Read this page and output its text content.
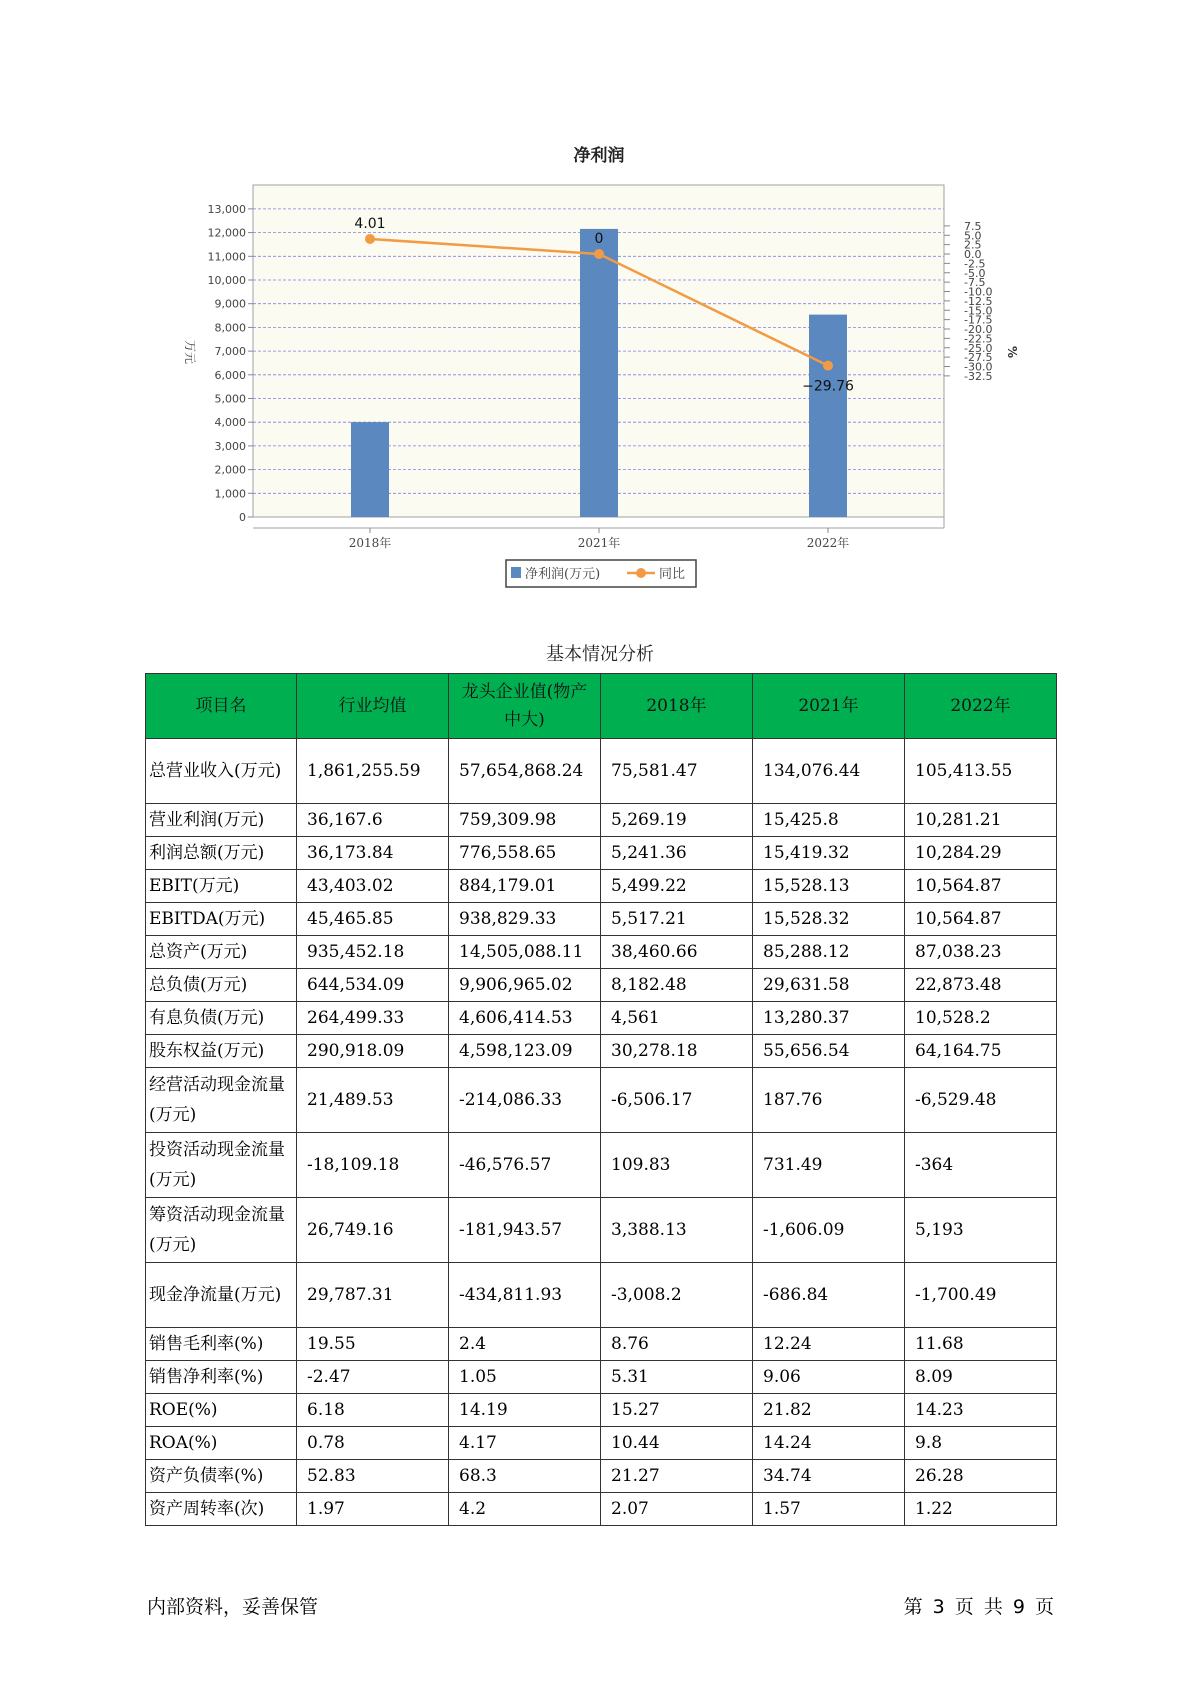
净利润
0
1,000
2,000
3,000
4,000
5,000
6,000
7,000
8,000
9,000
10,000
11,000
12,000
13,000
万元
7.5
5.0
2.5
0.0
-2.5
-5.0
-7.5
-10.0
-12.5
-15.0
-17.5
-20.0
-22.5
-25.0
-27.5
-30.0
-32.5
%
2018年	2021年	2022年
4.01
0
−29.76
净利润(万元)	同比
基本情况分析
项目名	行业均值	龙头企业值(物产中大)	2018年	2021年	2022年
总营业收入(万元)	1,861,255.59	57,654,868.24	75,581.47	134,076.44	105,413.55
营业利润(万元)	36,167.6	759,309.98	5,269.19	15,425.8	10,281.21
利润总额(万元)	36,173.84	776,558.65	5,241.36	15,419.32	10,284.29
EBIT(万元)	43,403.02	884,179.01	5,499.22	15,528.13	10,564.87
EBITDA(万元)	45,465.85	938,829.33	5,517.21	15,528.32	10,564.87
总资产(万元)	935,452.18	14,505,088.11	38,460.66	85,288.12	87,038.23
总负债(万元)	644,534.09	9,906,965.02	8,182.48	29,631.58	22,873.48
有息负债(万元)	264,499.33	4,606,414.53	4,561	13,280.37	10,528.2
股东权益(万元)	290,918.09	4,598,123.09	30,278.18	55,656.54	64,164.75
经营活动现金流量(万元)	21,489.53	-214,086.33	-6,506.17	187.76	-6,529.48
投资活动现金流量(万元)	-18,109.18	-46,576.57	109.83	731.49	-364
筹资活动现金流量(万元)	26,749.16	-181,943.57	3,388.13	-1,606.09	5,193
现金净流量(万元)	29,787.31	-434,811.93	-3,008.2	-686.84	-1,700.49
销售毛利率(%)	19.55	2.4	8.76	12.24	11.68
销售净利率(%)	-2.47	1.05	5.31	9.06	8.09
ROE(%)	6.18	14.19	15.27	21.82	14.23
ROA(%)	0.78	4.17	10.44	14.24	9.8
资产负债率(%)	52.83	68.3	21.27	34.74	26.28
资产周转率(次)	1.97	4.2	2.07	1.57	1.22
内部资料，妥善保管	第 3 页 共 9 页
